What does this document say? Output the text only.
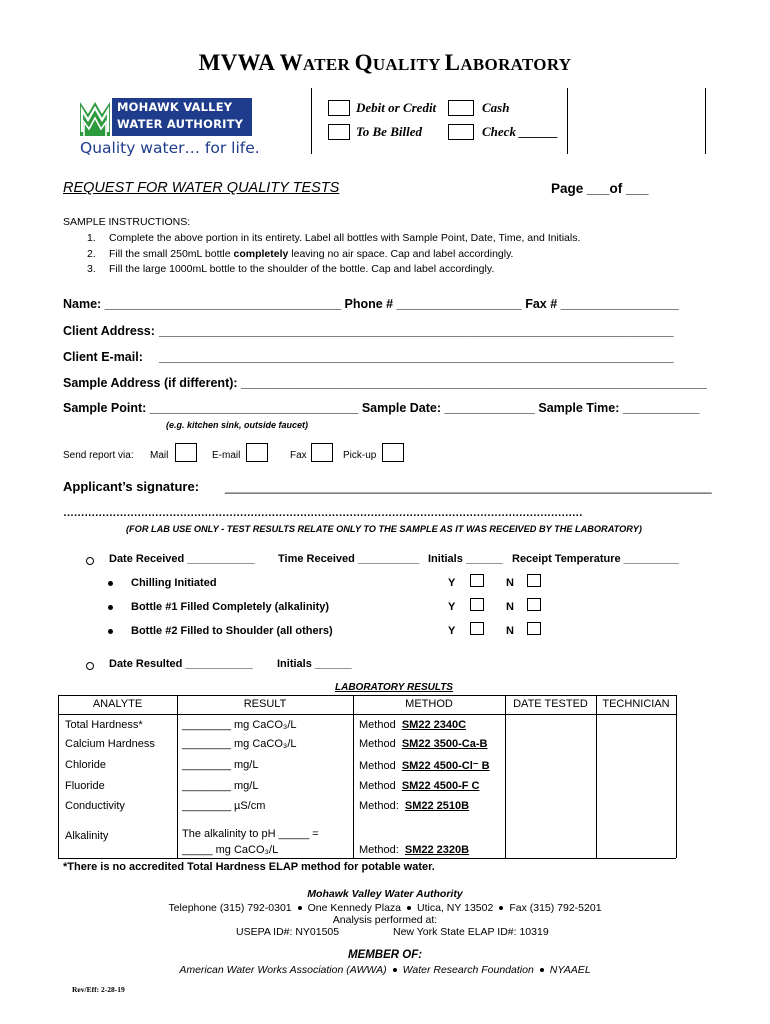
MVWA WATER QUALITY LABORATORY
MOHAWK VALLEY
WATER AUTHORITY
Quality water… for life.
Debit or Credit	Cash
To Be Billed	Check ______
REQUEST FOR WATER QUALITY TESTS	Page ___of ___
SAMPLE INSTRUCTIONS:
1. Complete the above portion in its entirety. Label all bottles with Sample Point, Date, Time, and Initials.
2. Fill the small 250mL bottle completely leaving no air space. Cap and label accordingly.
3. Fill the large 1000mL bottle to the shoulder of the bottle. Cap and label accordingly.
Name: __________________________________ Phone # __________________ Fax # _________________
Client Address: __________________________________________________________________________
Client E-mail: __________________________________________________________________________
Sample Address (if different): ___________________________________________________________________
Sample Point: ______________________________ Sample Date: _____________ Sample Time: ___________
(e.g. kitchen sink, outside faucet)
Send report via: Mail	E-mail	Fax	Pick-up
Applicant’s signature: ______________________________________________________________________
…………………………………………………………………………………………………………………………………
(FOR LAB USE ONLY - TEST RESULTS RELATE ONLY TO THE SAMPLE AS IT WAS RECEIVED BY THE LABORATORY)
Date Received ___________ Time Received __________ Initials ______ Receipt Temperature _________
Chilling Initiated	Y	N
Bottle #1 Filled Completely (alkalinity)	Y	N
Bottle #2 Filled to Shoulder (all others)	Y	N
Date Resulted ___________ Initials ______
LABORATORY RESULTS
ANALYTE	RESULT	METHOD	DATE TESTED	TECHNICIAN
Total Hardness*	________ mg CaCO₃/L	Method SM22 2340C
Calcium Hardness ________ mg CaCO₃/L	Method SM22 3500-Ca-B
Chloride	________ mg/L	Method SM22 4500-Cl⁻ B
Fluoride	________ mg/L	Method SM22 4500-F C
Conductivity	________ µS/cm	Method: SM22 2510B
Alkalinity	The alkalinity to pH _____ =
_____ mg CaCO₃/L	Method: SM22 2320B
*There is no accredited Total Hardness ELAP method for potable water.
Mohawk Valley Water Authority
Telephone (315) 792-0301 One Kennedy Plaza Utica, NY 13502 Fax (315) 792-5201
Analysis performed at:
USEPA ID#: NY01505	New York State ELAP ID#: 10319
MEMBER OF:
American Water Works Association (AWWA) Water Research Foundation NYAAEL
Rev/Eff: 2-28-19
